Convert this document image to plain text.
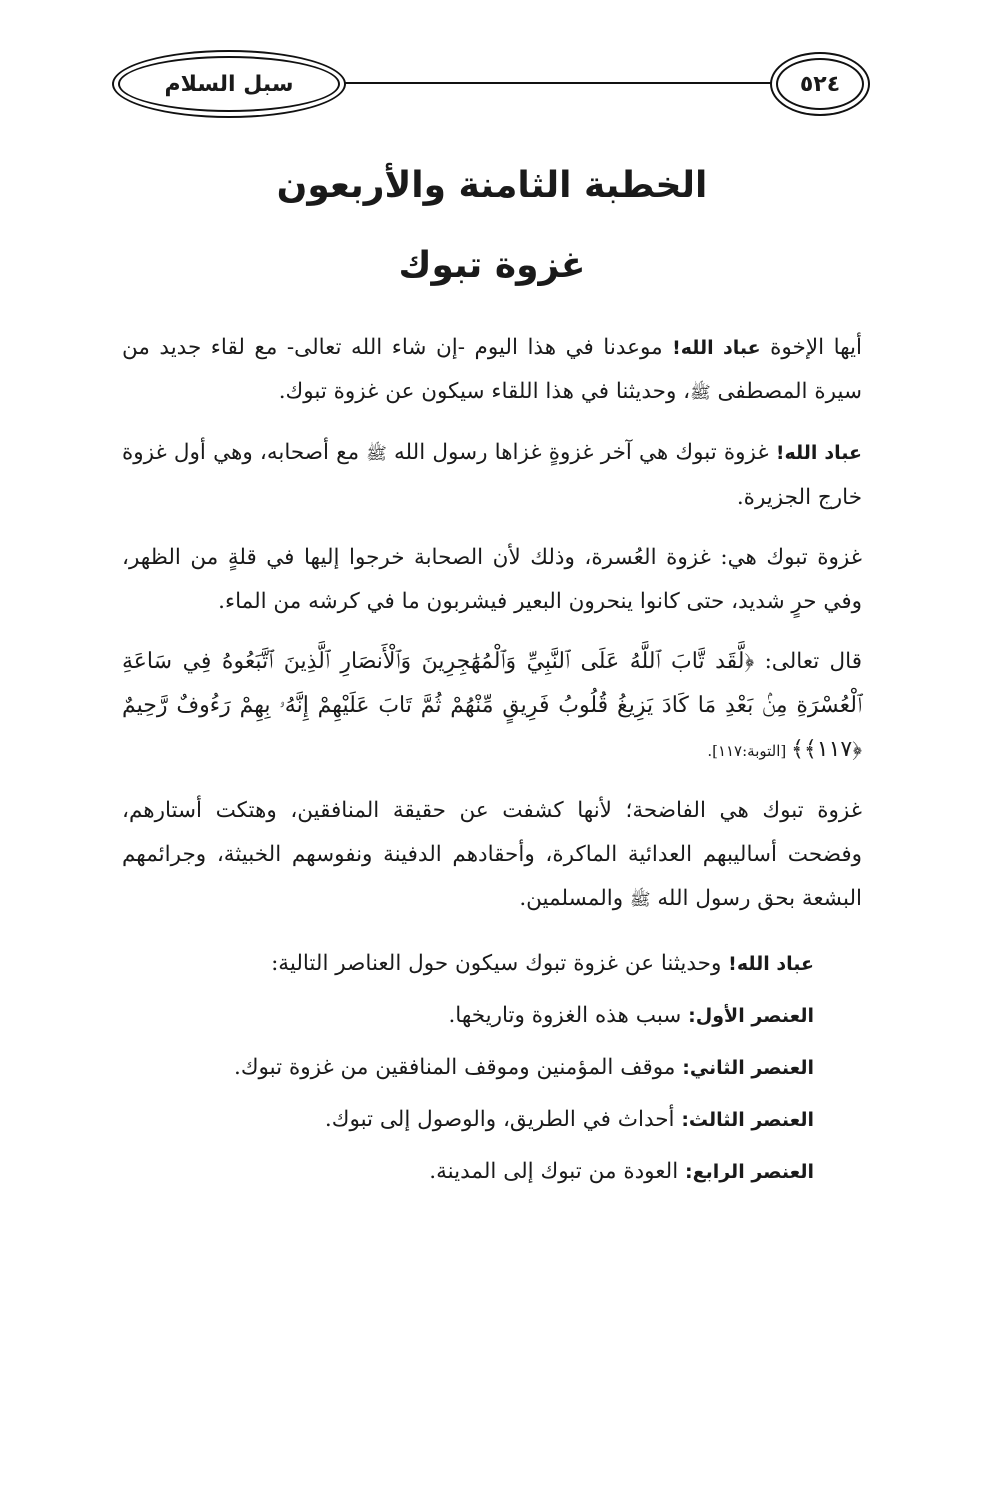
سبل السلام	٥٢٤
الخطبة الثامنة والأربعون
غزوة تبوك

أيها الإخوة عباد الله! موعدنا في هذا اليوم -إن شاء الله تعالى- مع لقاء جديد من سيرة المصطفى ﷺ، وحديثنا في هذا اللقاء سيكون عن غزوة تبوك.

عباد الله! غزوة تبوك هي آخر غزوةٍ غزاها رسول الله ﷺ مع أصحابه، وهي أول غزوة خارج الجزيرة.

غزوة تبوك هي: غزوة العُسرة، وذلك لأن الصحابة خرجوا إليها في قلةٍ من الظهر، وفي حرٍ شديد، حتى كانوا ينحرون البعير فيشربون ما في كرشه من الماء.

قال تعالى: ﴿لَّقَد تَّابَ ٱللَّهُ عَلَى ٱلنَّبِيِّ وَٱلْمُهَٰجِرِينَ وَٱلْأَنصَارِ ٱلَّذِينَ ٱتَّبَعُوهُ فِي سَاعَةِ ٱلْعُسْرَةِ مِنۢ بَعْدِ مَا كَادَ يَزِيغُ قُلُوبُ فَرِيقٍ مِّنْهُمْ ثُمَّ تَابَ عَلَيْهِمْ إِنَّهُۥ بِهِمْ رَءُوفٌ رَّحِيمٌ ﴿١١٧﴾﴾ [التوبة:١١٧].

غزوة تبوك هي الفاضحة؛ لأنها كشفت عن حقيقة المنافقين، وهتكت أستارهم، وفضحت أساليبهم العدائية الماكرة، وأحقادهم الدفينة ونفوسهم الخبيثة، وجرائمهم البشعة بحق رسول الله ﷺ والمسلمين.

عباد الله! وحديثنا عن غزوة تبوك سيكون حول العناصر التالية:
العنصر الأول: سبب هذه الغزوة وتاريخها.
العنصر الثاني: موقف المؤمنين وموقف المنافقين من غزوة تبوك.
العنصر الثالث: أحداث في الطريق، والوصول إلى تبوك.
العنصر الرابع: العودة من تبوك إلى المدينة.
